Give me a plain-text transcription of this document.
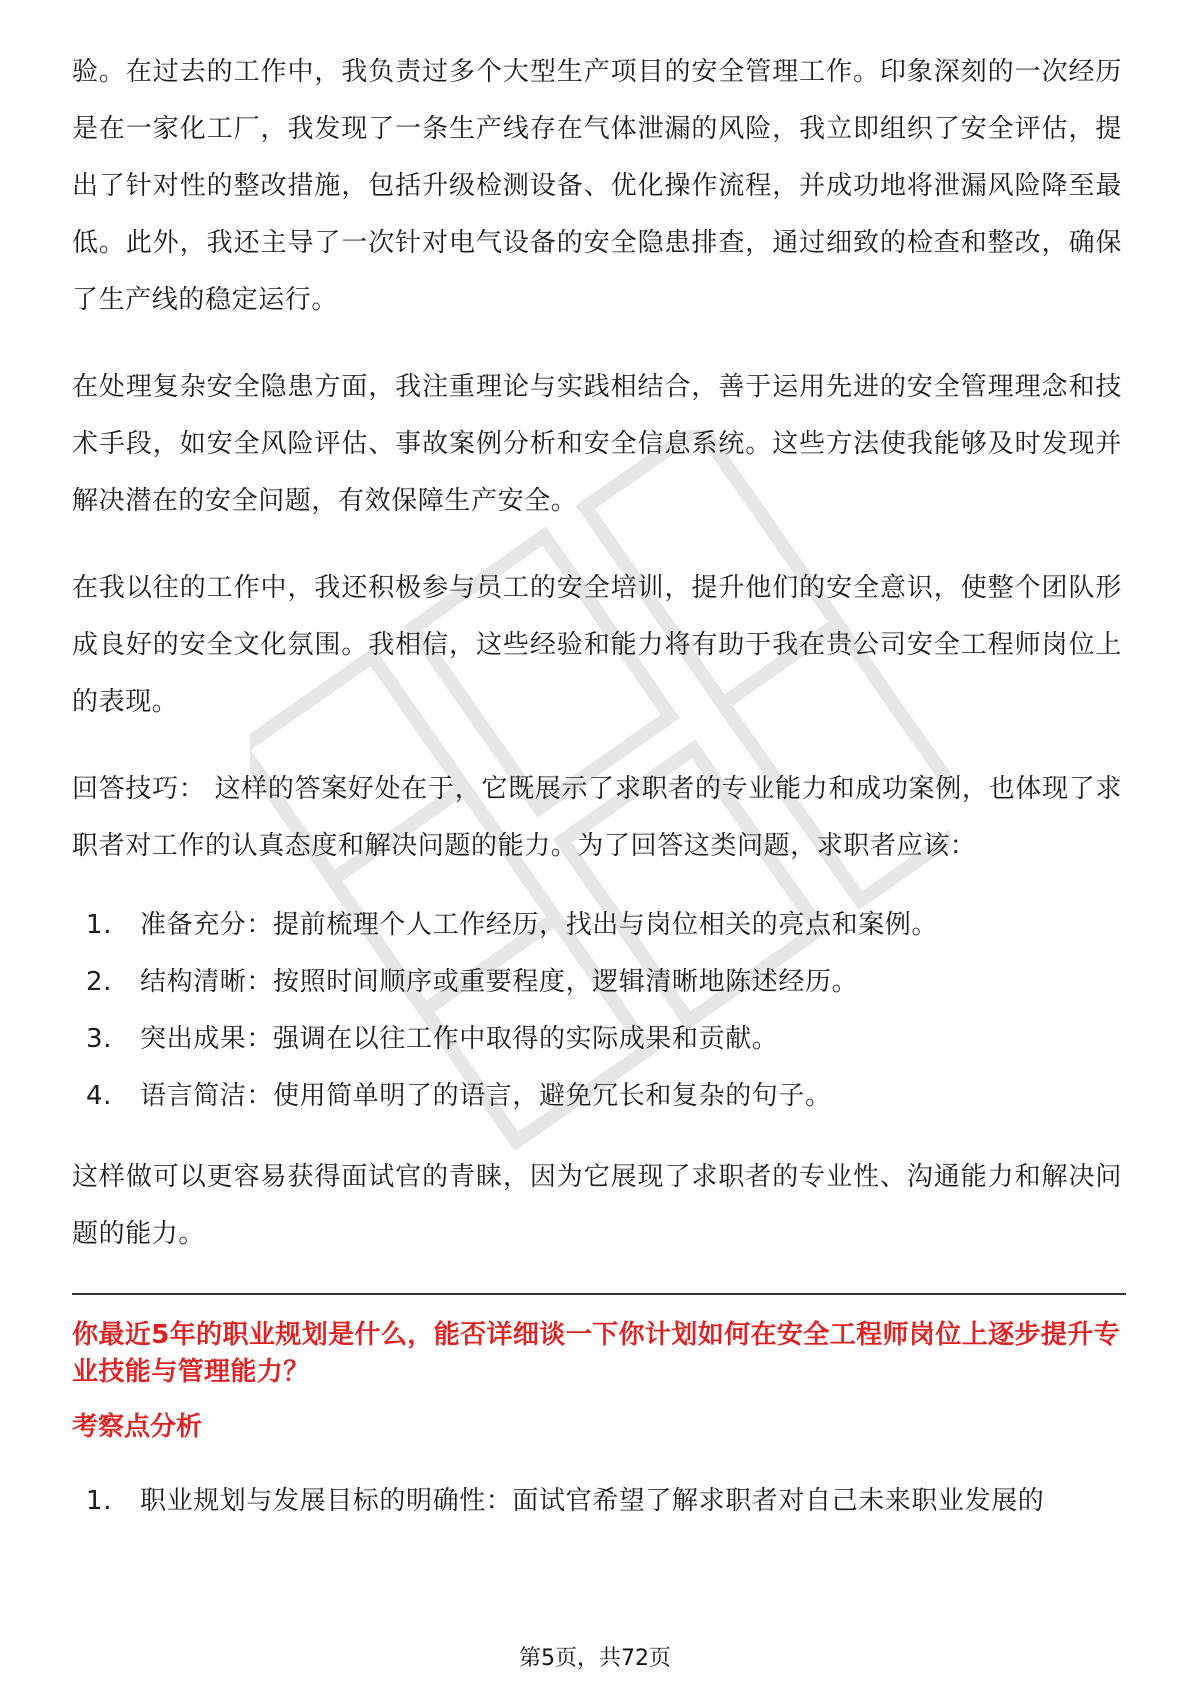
验。在过去的工作中，我负责过多个大型生产项目的安全管理工作。印象深刻的一次经历是在一家化工厂，我发现了一条生产线存在气体泄漏的风险，我立即组织了安全评估，提出了针对性的整改措施，包括升级检测设备、优化操作流程，并成功地将泄漏风险降至最低。此外，我还主导了一次针对电气设备的安全隐患排查，通过细致的检查和整改，确保了生产线的稳定运行。

在处理复杂安全隐患方面，我注重理论与实践相结合，善于运用先进的安全管理理念和技术手段，如安全风险评估、事故案例分析和安全信息系统。这些方法使我能够及时发现并解决潜在的安全问题，有效保障生产安全。

在我以往的工作中，我还积极参与员工的安全培训，提升他们的安全意识，使整个团队形成良好的安全文化氛围。我相信，这些经验和能力将有助于我在贵公司安全工程师岗位上的表现。

回答技巧： 这样的答案好处在于，它既展示了求职者的专业能力和成功案例，也体现了求职者对工作的认真态度和解决问题的能力。为了回答这类问题，求职者应该：

1.	准备充分：提前梳理个人工作经历，找出与岗位相关的亮点和案例。
2.	结构清晰：按照时间顺序或重要程度，逻辑清晰地陈述经历。
3.	突出成果：强调在以往工作中取得的实际成果和贡献。
4.	语言简洁：使用简单明了的语言，避免冗长和复杂的句子。

这样做可以更容易获得面试官的青睐，因为它展现了求职者的专业性、沟通能力和解决问题的能力。

你最近5年的职业规划是什么，能否详细谈一下你计划如何在安全工程师岗位上逐步提升专业技能与管理能力？

考察点分析

1.	职业规划与发展目标的明确性：面试官希望了解求职者对自己未来职业发展的
第5页，共72页
